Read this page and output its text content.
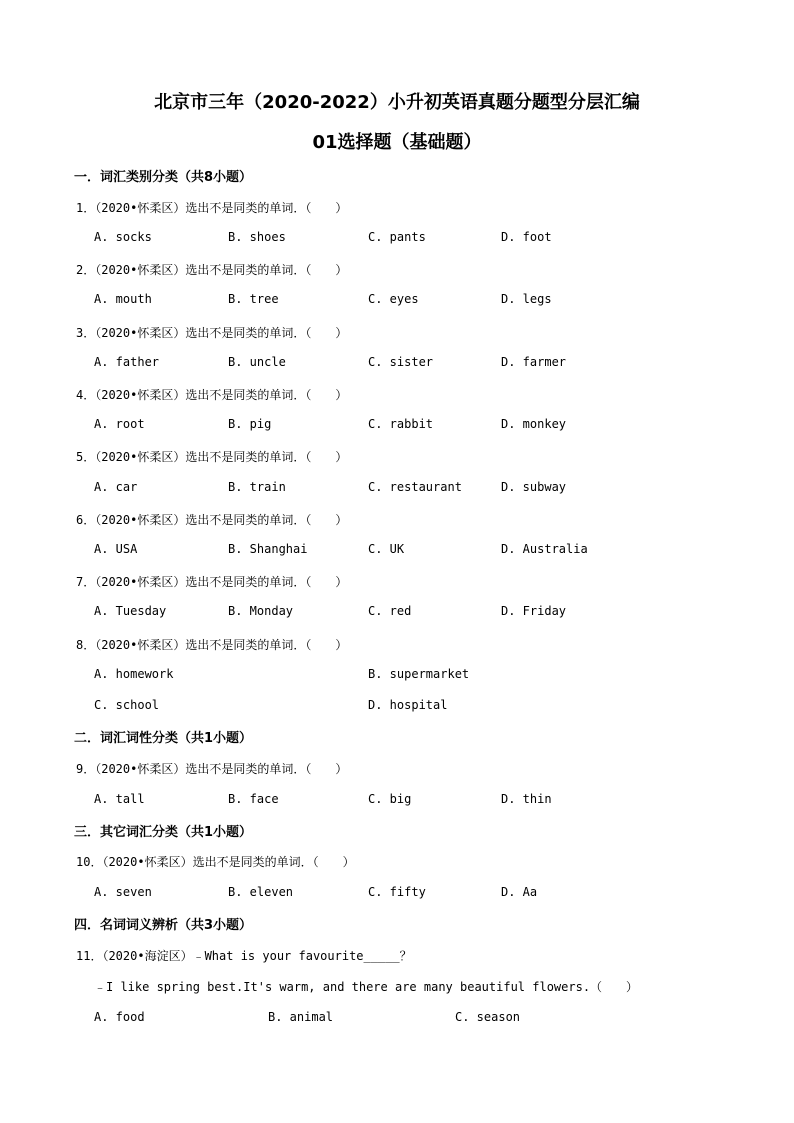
北京市三年（2020-2022）小升初英语真题分题型分层汇编
01选择题（基础题）
一．词汇类别分类（共8小题）
1．（2020•怀柔区）选出不是同类的单词．（　　）
A. socks	B. shoes	C. pants	D. foot
2．（2020•怀柔区）选出不是同类的单词．（　　）
A. mouth	B. tree	C. eyes	D. legs
3．（2020•怀柔区）选出不是同类的单词．（　　）
A. father	B. uncle	C. sister	D. farmer
4．（2020•怀柔区）选出不是同类的单词．（　　）
A. root	B. pig	C. rabbit	D. monkey
5．（2020•怀柔区）选出不是同类的单词．（　　）
A. car	B. train	C. restaurant	D. subway
6．（2020•怀柔区）选出不是同类的单词．（　　）
A. USA	B. Shanghai	C. UK	D. Australia
7．（2020•怀柔区）选出不是同类的单词．（　　）
A. Tuesday	B. Monday	C. red	D. Friday
8．（2020•怀柔区）选出不是同类的单词．（　　）
A. homework	B. supermarket
C. school	D. hospital
二．词汇词性分类（共1小题）
9．（2020•怀柔区）选出不是同类的单词．（　　）
A. tall	B. face	C. big	D. thin
三．其它词汇分类（共1小题）
10．（2020•怀柔区）选出不是同类的单词．（　　）
A. seven	B. eleven	C. fifty	D. Aa
四．名词词义辨析（共3小题）
11．（2020•海淀区）﹣What is your favourite_____？
﹣I like spring best.It's warm, and there are many beautiful flowers.（　　）
A. food	B. animal	C. season
